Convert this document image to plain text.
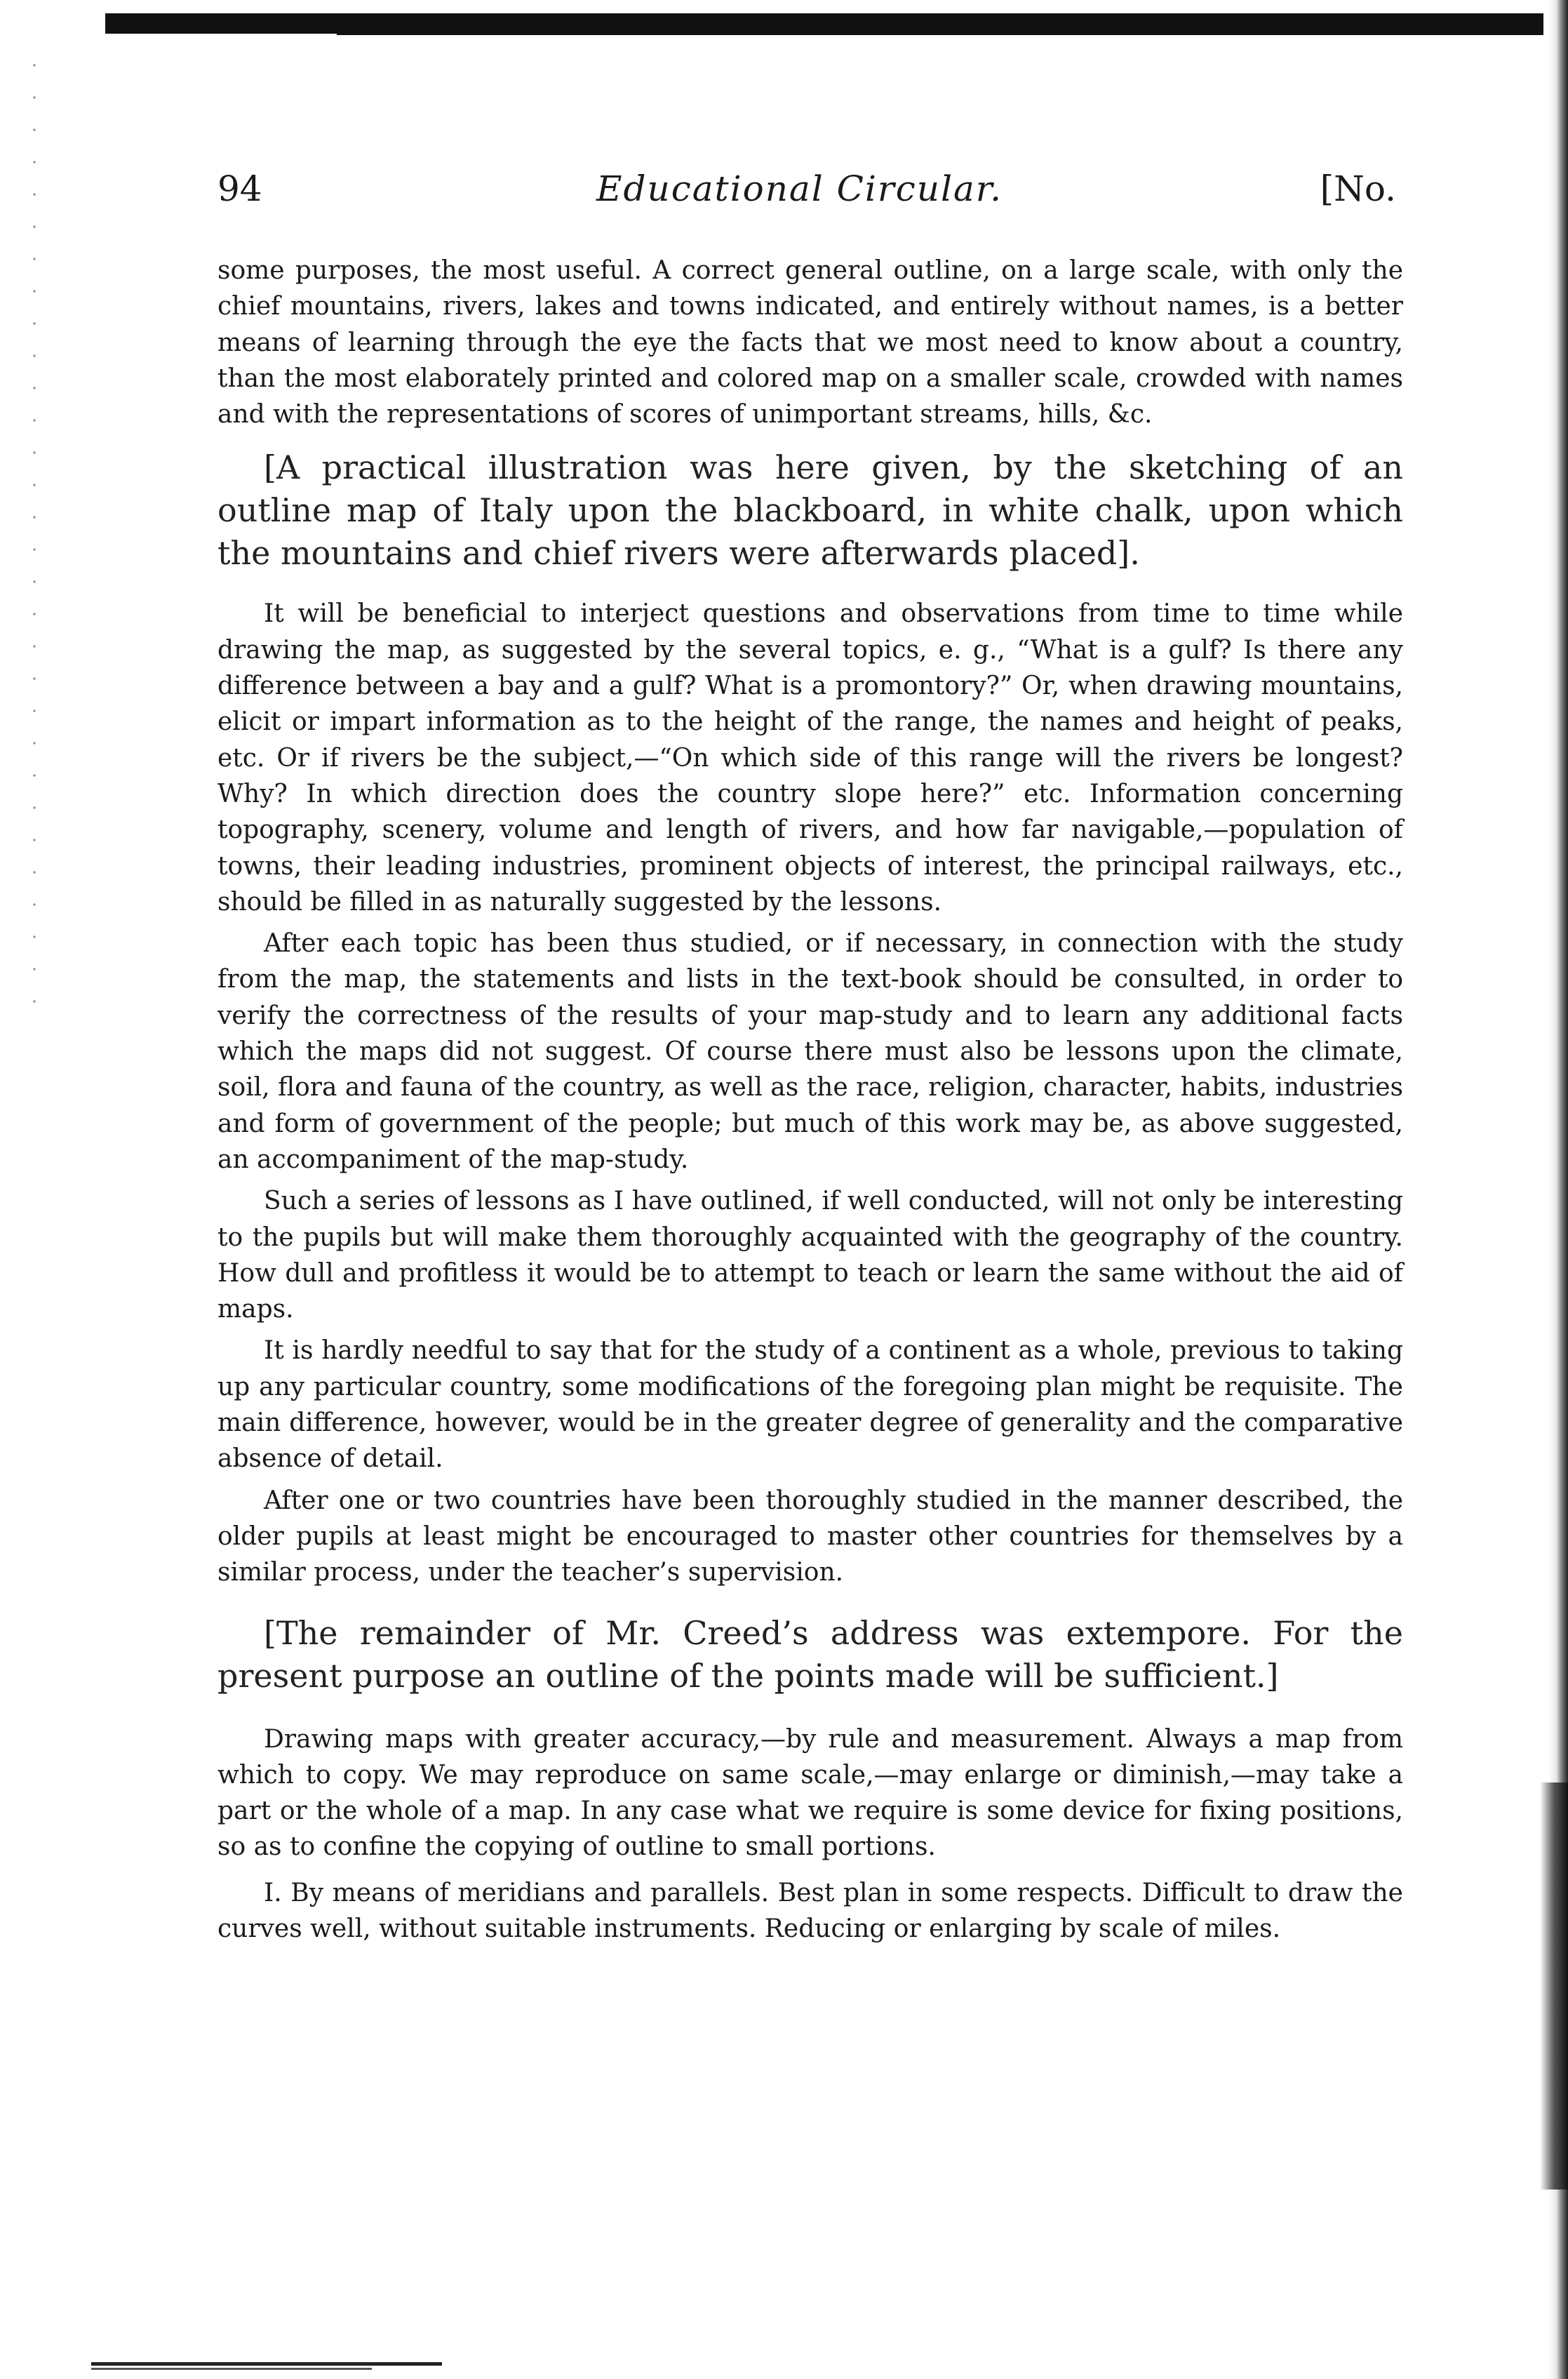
94	Educational Circular.	[No.

some purposes, the most useful. A correct general outline, on a large scale, with only the chief mountains, rivers, lakes and towns indicated, and entirely without names, is a better means of learning through the eye the facts that we most need to know about a country, than the most elaborately printed and colored map on a smaller scale, crowded with names and with the representations of scores of unimportant streams, hills, &c.

[A practical illustration was here given, by the sketching of an outline map of Italy upon the blackboard, in white chalk, upon which the mountains and chief rivers were afterwards placed].

It will be beneficial to interject questions and observations from time to time while drawing the map, as suggested by the several topics, e. g., “What is a gulf? Is there any difference between a bay and a gulf? What is a promontory?” Or, when drawing mountains, elicit or impart information as to the height of the range, the names and height of peaks, etc. Or if rivers be the subject,—“On which side of this range will the rivers be longest? Why? In which direction does the country slope here?” etc. Information concerning topography, scenery, volume and length of rivers, and how far navigable,—population of towns, their leading industries, prominent objects of interest, the principal railways, etc., should be filled in as naturally suggested by the lessons.

After each topic has been thus studied, or if necessary, in connection with the study from the map, the statements and lists in the text-book should be consulted, in order to verify the correctness of the results of your map-study and to learn any additional facts which the maps did not suggest. Of course there must also be lessons upon the climate, soil, flora and fauna of the country, as well as the race, religion, character, habits, industries and form of government of the people; but much of this work may be, as above suggested, an accompaniment of the map-study.

Such a series of lessons as I have outlined, if well conducted, will not only be interesting to the pupils but will make them thoroughly acquainted with the geography of the country. How dull and profitless it would be to attempt to teach or learn the same without the aid of maps.

It is hardly needful to say that for the study of a continent as a whole, previous to taking up any particular country, some modifications of the foregoing plan might be requisite. The main difference, however, would be in the greater degree of generality and the comparative absence of detail.

After one or two countries have been thoroughly studied in the manner described, the older pupils at least might be encouraged to master other countries for themselves by a similar process, under the teacher’s supervision.

[The remainder of Mr. Creed’s address was extempore. For the present purpose an outline of the points made will be sufficient.]

Drawing maps with greater accuracy,—by rule and measurement. Always a map from which to copy. We may reproduce on same scale,—may enlarge or diminish,—may take a part or the whole of a map. In any case what we require is some device for fixing positions, so as to confine the copying of outline to small portions.

I. By means of meridians and parallels. Best plan in some respects. Difficult to draw the curves well, without suitable instruments. Reducing or enlarging by scale of miles.
